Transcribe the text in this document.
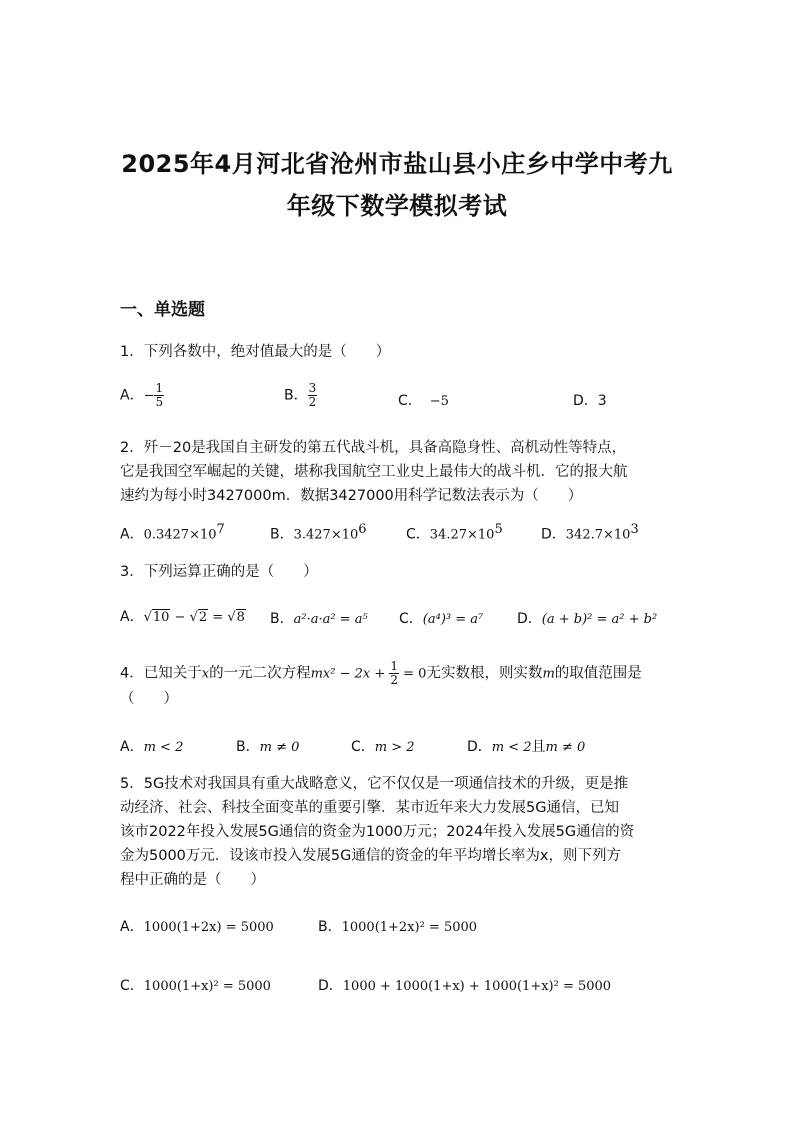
2025年4月河北省沧州市盐山县小庄乡中学中考九
年级下数学模拟考试
一、单选题
1．下列各数中，绝对值最大的是（　　）
A．− $\frac{1}{5}$	B． $\frac{3}{2}$	C． −5	D．3
2．歼－20是我国自主研发的第五代战斗机，具备高隐身性、高机动性等特点，
它是我国空军崛起的关键，堪称我国航空工业史上最伟大的战斗机．它的报大航
速约为每小时3427000m．数据3427000用科学记数法表示为（　　）
A．$0.3427\times 10^7$	B．$3.427\times 10^6$	C．$34.27\times 10^5$	D．$342.7\times 10^3$
3．下列运算正确的是（　　）
A．√10 − √2 = √8 B．a²·a·a² = a⁵ C．(a⁴)³ = a⁷ D．(a + b)² = a² + b²
4．已知关于x的一元二次方程$mx^2 - 2x + \frac{1}{2} = 0$无实数根，则实数m的取值范围是
（　　）
A．m < 2	B．m ≠ 0	C．m > 2	D．m < 2且m ≠ 0
5．5G技术对我国具有重大战略意义，它不仅仅是一项通信技术的升级，更是推
动经济、社会、科技全面变革的重要引擎．某市近年来大力发展5G通信，已知
该市2022年投入发展5G通信的资金为1000万元；2024年投入发展5G通信的资
金为5000万元．设该市投入发展5G通信的资金的年平均增长率为x，则下列方
程中正确的是（　　）
A．1000(1+2x) = 5000	B．1000(1+2x)² = 5000
C．1000(1+x)² = 5000	D．1000 + 1000(1+x) + 1000(1+x)² = 5000
